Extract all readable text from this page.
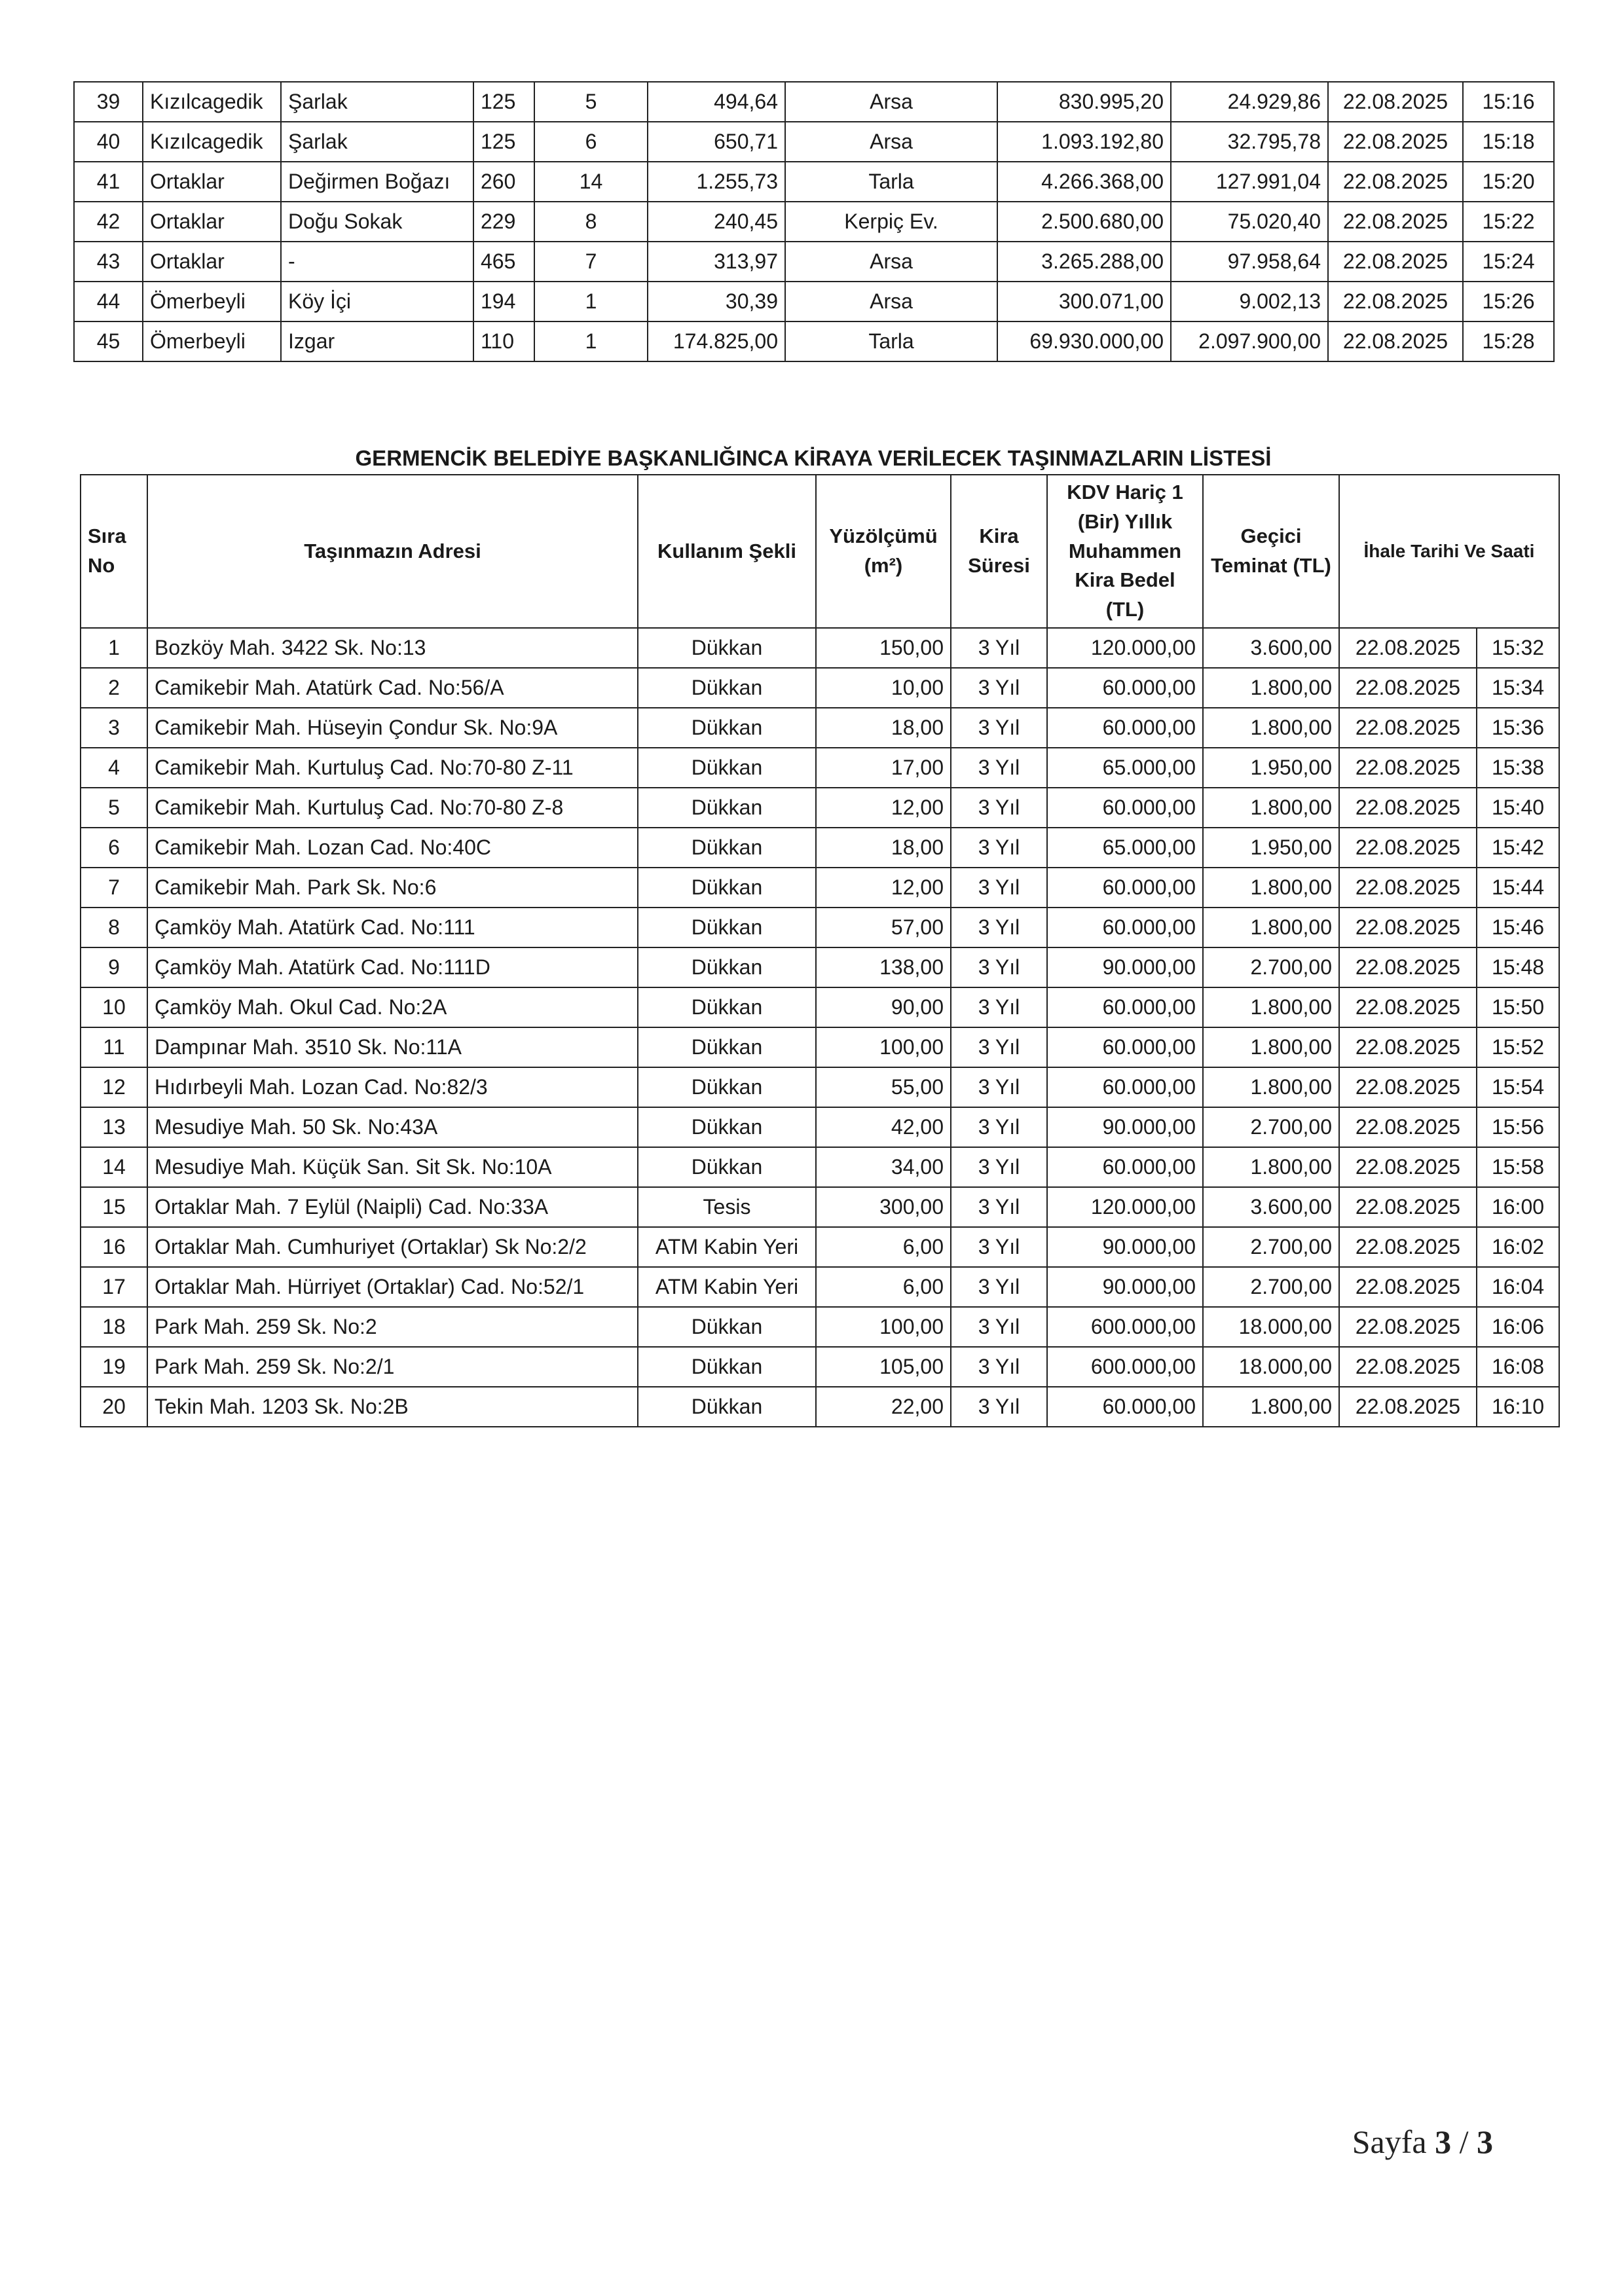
39	Kızılcagedik	Şarlak	125	5	494,64	Arsa	830.995,20	24.929,86	22.08.2025	15:16
40	Kızılcagedik	Şarlak	125	6	650,71	Arsa	1.093.192,80	32.795,78	22.08.2025	15:18
41	Ortaklar	Değirmen Boğazı	260	14	1.255,73	Tarla	4.266.368,00	127.991,04	22.08.2025	15:20
42	Ortaklar	Doğu Sokak	229	8	240,45	Kerpiç Ev.	2.500.680,00	75.020,40	22.08.2025	15:22
43	Ortaklar	-	465	7	313,97	Arsa	3.265.288,00	97.958,64	22.08.2025	15:24
44	Ömerbeyli	Köy İçi	194	1	30,39	Arsa	300.071,00	9.002,13	22.08.2025	15:26
45	Ömerbeyli	Izgar	110	1	174.825,00	Tarla	69.930.000,00	2.097.900,00	22.08.2025	15:28
GERMENCİK BELEDİYE BAŞKANLIĞINCA KİRAYA VERİLECEK TAŞINMAZLARIN LİSTESİ
Sıra No	Taşınmazın Adresi	Kullanım Şekli	Yüzölçümü (m²)	Kira Süresi	KDV Hariç 1 (Bir) Yıllık Muhammen Kira Bedel (TL)	Geçici Teminat (TL)	İhale Tarihi Ve Saati	
1	Bozköy Mah. 3422 Sk. No:13	Dükkan	150,00	3 Yıl	120.000,00	3.600,00	22.08.2025	15:32
2	Camikebir Mah. Atatürk Cad. No:56/A	Dükkan	10,00	3 Yıl	60.000,00	1.800,00	22.08.2025	15:34
3	Camikebir Mah. Hüseyin Çondur Sk. No:9A	Dükkan	18,00	3 Yıl	60.000,00	1.800,00	22.08.2025	15:36
4	Camikebir Mah. Kurtuluş Cad. No:70-80 Z-11	Dükkan	17,00	3 Yıl	65.000,00	1.950,00	22.08.2025	15:38
5	Camikebir Mah. Kurtuluş Cad. No:70-80 Z-8	Dükkan	12,00	3 Yıl	60.000,00	1.800,00	22.08.2025	15:40
6	Camikebir Mah. Lozan Cad. No:40C	Dükkan	18,00	3 Yıl	65.000,00	1.950,00	22.08.2025	15:42
7	Camikebir Mah. Park Sk. No:6	Dükkan	12,00	3 Yıl	60.000,00	1.800,00	22.08.2025	15:44
8	Çamköy Mah. Atatürk Cad. No:111	Dükkan	57,00	3 Yıl	60.000,00	1.800,00	22.08.2025	15:46
9	Çamköy Mah. Atatürk Cad. No:111D	Dükkan	138,00	3 Yıl	90.000,00	2.700,00	22.08.2025	15:48
10	Çamköy Mah. Okul Cad. No:2A	Dükkan	90,00	3 Yıl	60.000,00	1.800,00	22.08.2025	15:50
11	Dampınar Mah. 3510 Sk. No:11A	Dükkan	100,00	3 Yıl	60.000,00	1.800,00	22.08.2025	15:52
12	Hıdırbeyli Mah. Lozan Cad. No:82/3	Dükkan	55,00	3 Yıl	60.000,00	1.800,00	22.08.2025	15:54
13	Mesudiye Mah. 50 Sk. No:43A	Dükkan	42,00	3 Yıl	90.000,00	2.700,00	22.08.2025	15:56
14	Mesudiye Mah. Küçük San. Sit Sk. No:10A	Dükkan	34,00	3 Yıl	60.000,00	1.800,00	22.08.2025	15:58
15	Ortaklar Mah. 7 Eylül (Naipli) Cad. No:33A	Tesis	300,00	3 Yıl	120.000,00	3.600,00	22.08.2025	16:00
16	Ortaklar Mah. Cumhuriyet (Ortaklar) Sk No:2/2	ATM Kabin Yeri	6,00	3 Yıl	90.000,00	2.700,00	22.08.2025	16:02
17	Ortaklar Mah. Hürriyet (Ortaklar) Cad. No:52/1	ATM Kabin Yeri	6,00	3 Yıl	90.000,00	2.700,00	22.08.2025	16:04
18	Park Mah. 259 Sk. No:2	Dükkan	100,00	3 Yıl	600.000,00	18.000,00	22.08.2025	16:06
19	Park Mah. 259 Sk. No:2/1	Dükkan	105,00	3 Yıl	600.000,00	18.000,00	22.08.2025	16:08
20	Tekin Mah. 1203 Sk. No:2B	Dükkan	22,00	3 Yıl	60.000,00	1.800,00	22.08.2025	16:10
Sayfa 3 / 3
